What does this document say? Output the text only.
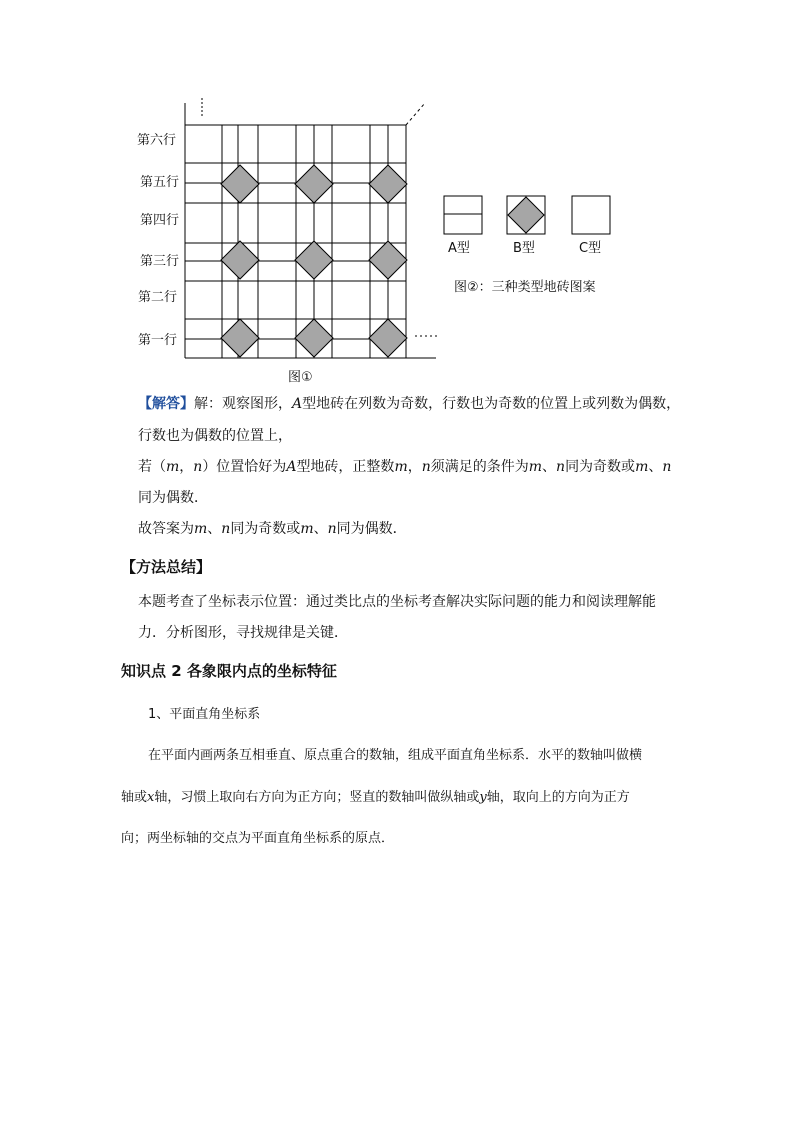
第六行
第五行
第四行
第三行
第二行
第一行
图①
A型	B型	C型
图②：三种类型地砖图案
【解答】解：观察图形，A型地砖在列数为奇数，行数也为奇数的位置上或列数为偶数，
行数也为偶数的位置上，
若（m，n）位置恰好为A型地砖，正整数m，n须满足的条件为m、n同为奇数或m、n
同为偶数．
故答案为m、n同为奇数或m、n同为偶数．
【方法总结】
本题考查了坐标表示位置：通过类比点的坐标考查解决实际问题的能力和阅读理解能
力．分析图形，寻找规律是关键．
知识点 2 各象限内点的坐标特征
1、平面直角坐标系
在平面内画两条互相垂直、原点重合的数轴，组成平面直角坐标系．水平的数轴叫做横
轴或x轴，习惯上取向右方向为正方向；竖直的数轴叫做纵轴或y轴，取向上的方向为正方
向；两坐标轴的交点为平面直角坐标系的原点．
